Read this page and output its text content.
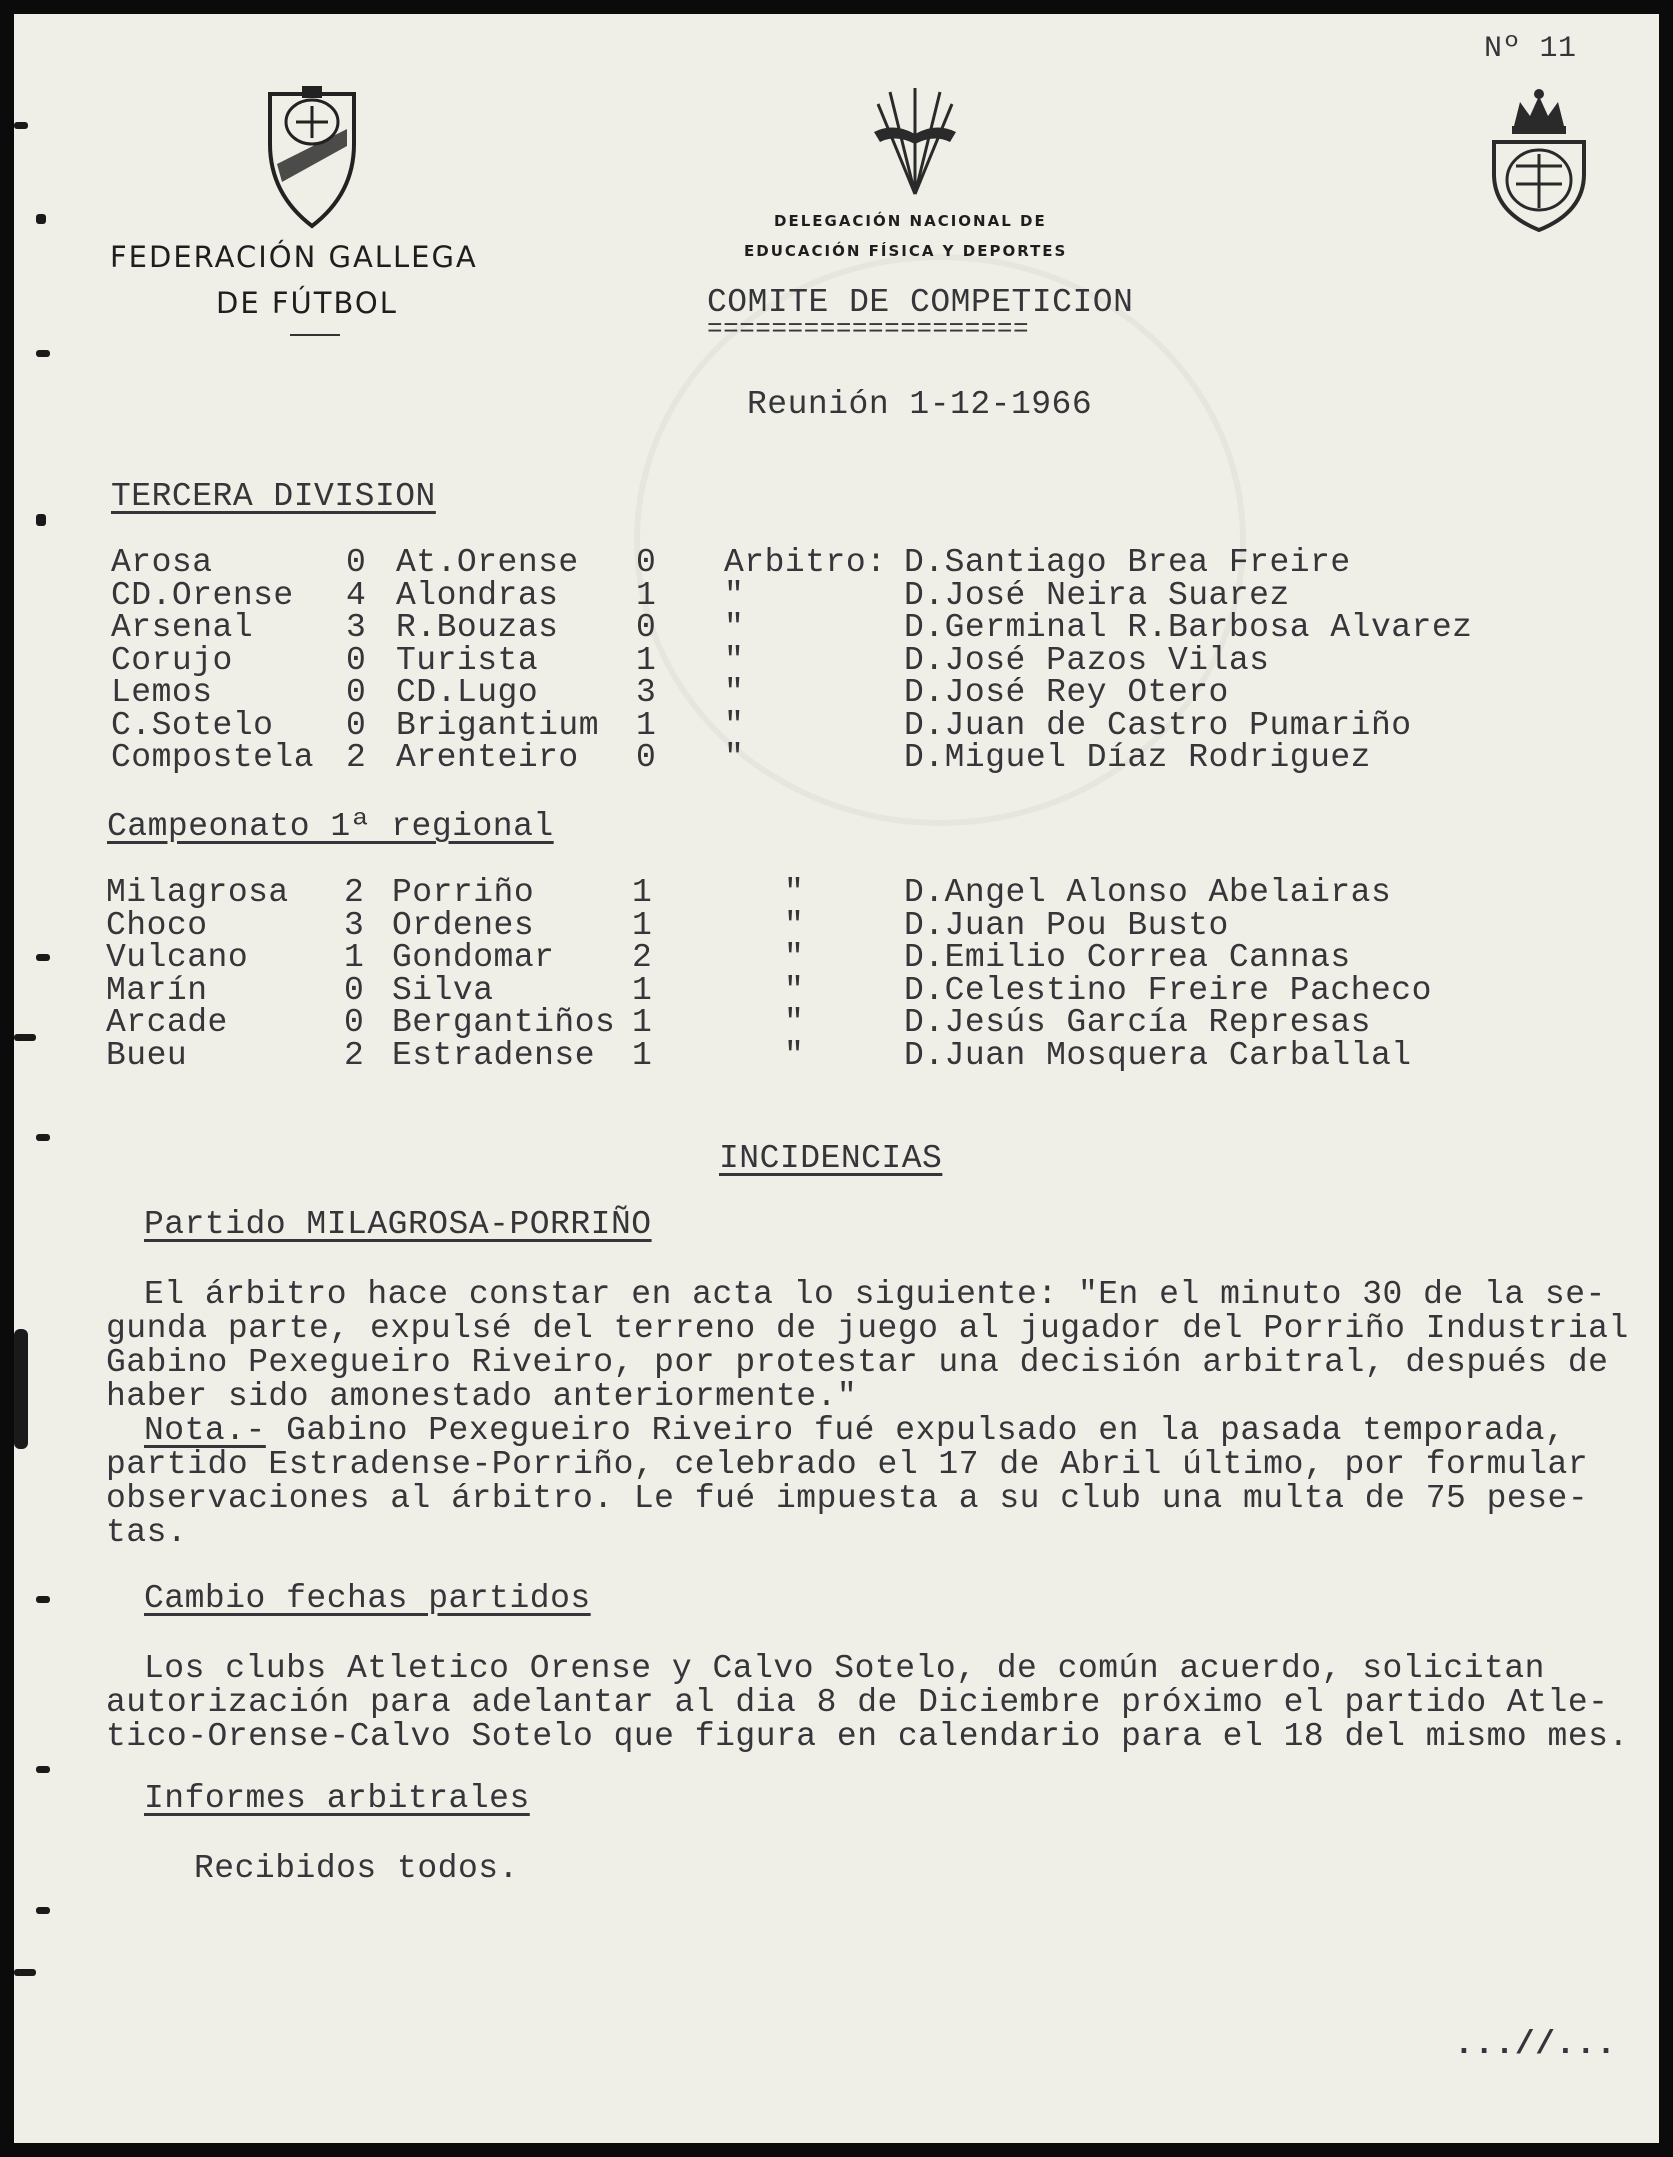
Nº 11
FEDERACIÓN GALLEGA
DE FÚTBOL
DELEGACIÓN NACIONAL DE
EDUCACIÓN FÍSICA Y DEPORTES
COMITE DE COMPETICION
====================
Reunión 1-12-1966
TERCERA DIVISION
Arosa	0 At.Orense 0 Arbitro: D.Santiago Brea Freire
CD.Orense 4 Alondras 1 "	D.José Neira Suarez
Arsenal	3 R.Bouzas 0 "	D.Germinal R.Barbosa Alvarez
Corujo	0 Turista	1 "	D.José Pazos Vilas
Lemos	0 CD.Lugo	3 "	D.José Rey Otero
C.Sotelo 0 Brigantium 1 "	D.Juan de Castro Pumariño
Compostela 2 Arenteiro 0 "	D.Miguel Díaz Rodriguez
Campeonato 1ª regional
Milagrosa 2 Porriño	1	"	D.Angel Alonso Abelairas
Choco	3 Ordenes	1	"	D.Juan Pou Busto
Vulcano	1 Gondomar 2	"	D.Emilio Correa Cannas
Marín	0 Silva	1	"	D.Celestino Freire Pacheco
Arcade	0 Bergantiños 1	"	D.Jesús García Represas
Bueu	2 Estradense 1	"	D.Juan Mosquera Carballal
INCIDENCIAS
Partido MILAGROSA-PORRIÑO
El árbitro hace constar en acta lo siguiente: "En el minuto 30 de la se-
gunda parte, expulsé del terreno de juego al jugador del Porriño Industrial
Gabino Pexegueiro Riveiro, por protestar una decisión arbitral, después de
haber sido amonestado anteriormente."
Nota.- Gabino Pexegueiro Riveiro fué expulsado en la pasada temporada,
partido Estradense-Porriño, celebrado el 17 de Abril último, por formular
observaciones al árbitro. Le fué impuesta a su club una multa de 75 pese-
tas.
Cambio fechas partidos
Los clubs Atletico Orense y Calvo Sotelo, de común acuerdo, solicitan
autorización para adelantar al dia 8 de Diciembre próximo el partido Atle-
tico-Orense-Calvo Sotelo que figura en calendario para el 18 del mismo mes.
Informes arbitrales
Recibidos todos.
...//...
